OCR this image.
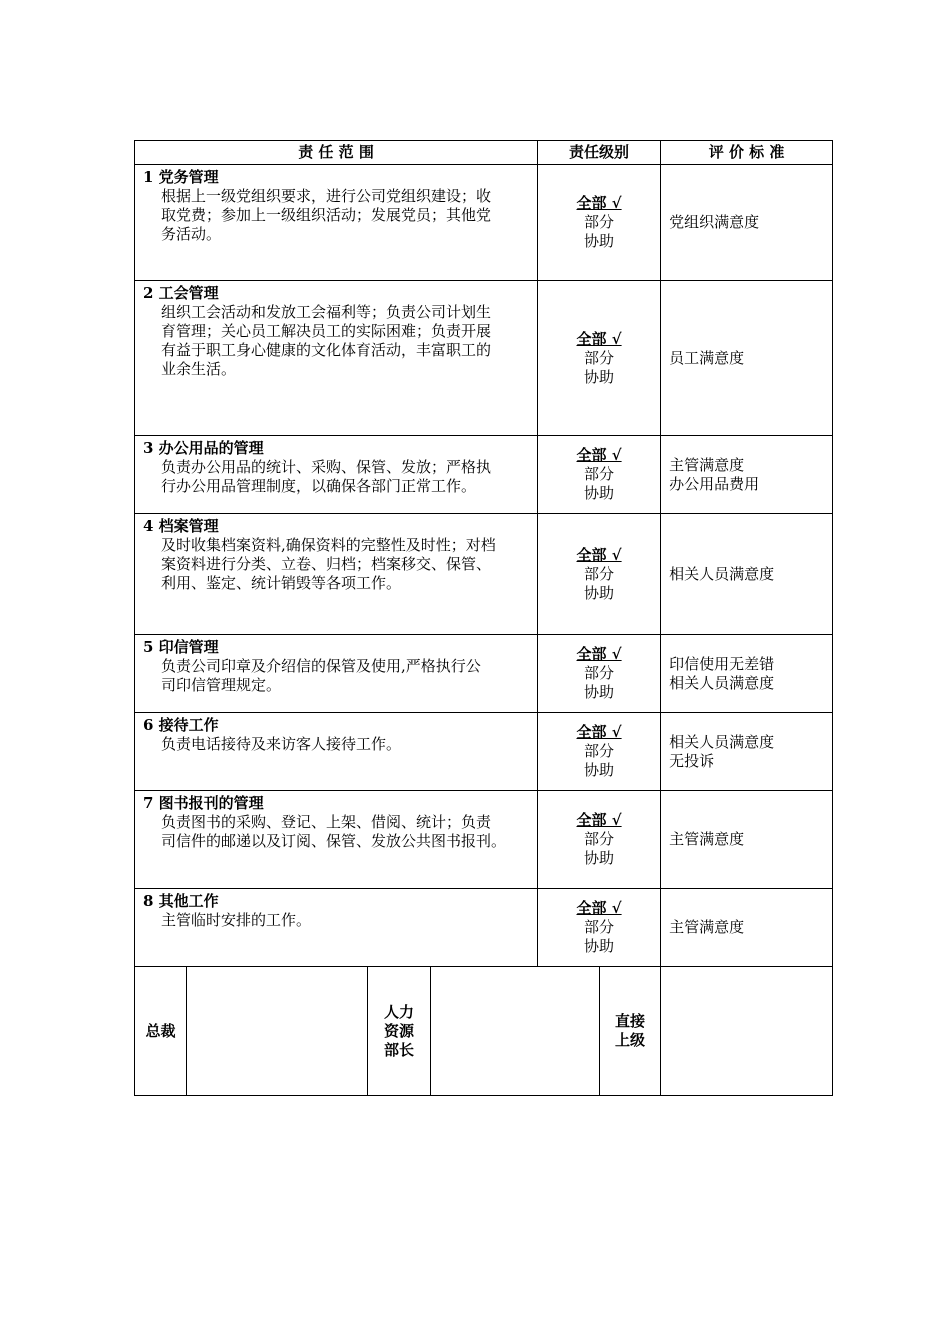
责 任 范 围				责任级别		评 价 标 准

1 党务管理
根据上一级党组织要求，进行公司党组织建设；收
取党费；参加上一级组织活动；发展党员；其他党
务活动。				全部 √
部分
协助		党组织满意度

2 工会管理
组织工会活动和发放工会福利等；负责公司计划生
育管理；关心员工解决员工的实际困难；负责开展
有益于职工身心健康的文化体育活动，丰富职工的
业余生活。				全部 √
部分
协助		员工满意度

3 办公用品的管理
负责办公用品的统计、采购、保管、发放；严格执
行办公用品管理制度，以确保各部门正常工作。				全部 √
部分
协助		主管满意度
办公用品费用

4 档案管理
及时收集档案资料,确保资料的完整性及时性；对档
案资料进行分类、立卷、归档；档案移交、保管、
利用、鉴定、统计销毁等各项工作。				全部 √
部分
协助		相关人员满意度

5 印信管理
负责公司印章及介绍信的保管及使用,严格执行公
司印信管理规定。				全部 √
部分
协助		印信使用无差错
相关人员满意度

6 接待工作
负责电话接待及来访客人接待工作。				全部 √
部分
协助		相关人员满意度
无投诉

7 图书报刊的管理
负责图书的采购、登记、上架、借阅、统计；负责
司信件的邮递以及订阅、保管、发放公共图书报刊。				全部 √
部分
协助		主管满意度

8 其他工作
主管临时安排的工作。				全部 √
部分
协助		主管满意度

总裁		人力资源部长			直接上级	
